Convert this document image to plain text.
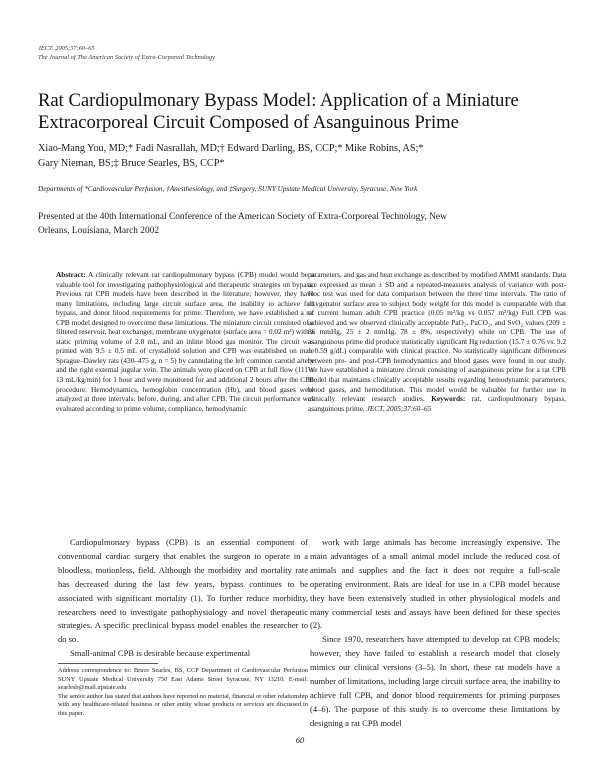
JECT. 2005;37:60–65
The Journal of The American Society of Extra-Corporeal Technology
Rat Cardiopulmonary Bypass Model: Application of a Miniature
Extracorporeal Circuit Composed of Asanguinous Prime
Xiao-Mang You, MD;* Fadi Nasrallah, MD;† Edward Darling, BS, CCP;* Mike Robins, AS;*
Gary Nieman, BS;‡ Bruce Searles, BS, CCP*
Departments of *Cardiovascular Perfusion, †Anesthesiology, and ‡Surgery, SUNY Upstate Medical University, Syracuse, New York
Presented at the 40th International Conference of the American Society of Extra-Corporeal Technology, New
Orleans, Louisiana, March 2002

Abstract: A clinically relevant rat cardiopulmonary bypass (CPB) model would be a valuable tool for investigating pathophysiological and therapeutic strategies on bypass. Previous rat CPB models have been described in the literature; however, they have many limitations, including large circuit surface area, the inability to achieve full bypass, and donor blood requirements for prime. Therefore, we have established a rat CPB model designed to overcome these limitations. The miniature circuit consisted of a filtered reservoir, heat exchanger, membrane oxygenator (surface area = 0.02 m²) with a static priming volume of 2.8 mL, and an inline blood gas monitor. The circuit was primed with 9.5 ± 0.5 mL of crystalloid solution and CPB was established on male Sprague–Dawley rats (430–475 g, n = 5) by cannulating the left common carotid artery and the right external jugular vein. The animals were placed on CPB at full flow (111 ± 13 mL/kg/min) for 1 hour and were monitored for and additional 2 hours after the CPB procedure. Hemodynamics, hemoglobin concentration (Hb), and blood gases were analyzed at three intervals: before, during, and after CPB. The circuit performance was evaluated according to prime volume, compliance, hemodynamic

parameters, and gas and heat exchange as described by modified AMMI standards. Data are expressed as mean ± SD and a repeated-measures analysis of variance with post-Hoc test was used for data comparison between the three time intervals. The ratio of oxygenator surface area to subject body weight for this model is comparable with that of current human adult CPB practice (0.05 m²/kg vs 0.057 m²/kg) Full CPB was achieved and we observed clinically acceptable PaO₂, PaCO₂, and SvO₂ values (209 ± 86 mmHg, 25 ± 2 mmHg, 78 ± 8%, respectively) while on CPB. The use of asanguinous prime did produce statistically significant Hg reduction (15.7 ± 0.76 vs. 9.2 ± 0.59 g/dL) comparable with clinical practice. No statistically significant differences between pre- and post-CPB hemodynamics and blood gases were found in our study. We have established a miniature circuit consisting of asanguinous prime for a rat CPB model that maintains clinically acceptable results regarding hemodynamic parameters, blood gases, and hemodilution. This model would be valuable for further use in clinically relevant research studies. Keywords: rat, cardiopulmonary bypass, asanguinous prime. JECT. 2005;37:60–65

Cardiopulmonary bypass (CPB) is an essential component of conventional cardiac surgery that enables the surgeon to operate in a bloodless, motionless, field. Although the morbidity and mortality rate has decreased during the last few years, bypass continues to be associated with significant mortality (1). To further reduce morbidity, researchers need to investigate pathophysiology and novel therapeutic strategies. A specific preclinical bypass model enables the researcher to do so.

Small-animal CPB is desirable because experimental

work with large animals has become increasingly expensive. The main advantages of a small animal model include the reduced cost of animals and supplies and the fact it does not require a full-scale operating environment. Rats are ideal for use in a CPB model because they have been extensively studied in other physiological models and many commercial tests and assays have been defined for these species (2).

Since 1970, researchers have attempted to develop rat CPB models; however, they have failed to establish a research model that closely mimics our clinical versions (3–5). In short, these rat models have a number of limitations, including large circuit surface area, the inability to achieve full CPB, and donor blood requirements for priming purposes (4–6). The purpose of this study is to overcome these limitations by designing a rat CPB model

Address correspondence to: Bruce Searles, BS, CCP Department of Cardiovascular Perfusion SUNY Upstate Medical University 750 East Adams Street Syracuse, NY 13210. E-mail: searlesb@mail.upstate.edu

The senior author has stated that authors have reported no material, financial or other relationship with any healthcare-related business or other entity whose products or services are discussed in this paper.

60
